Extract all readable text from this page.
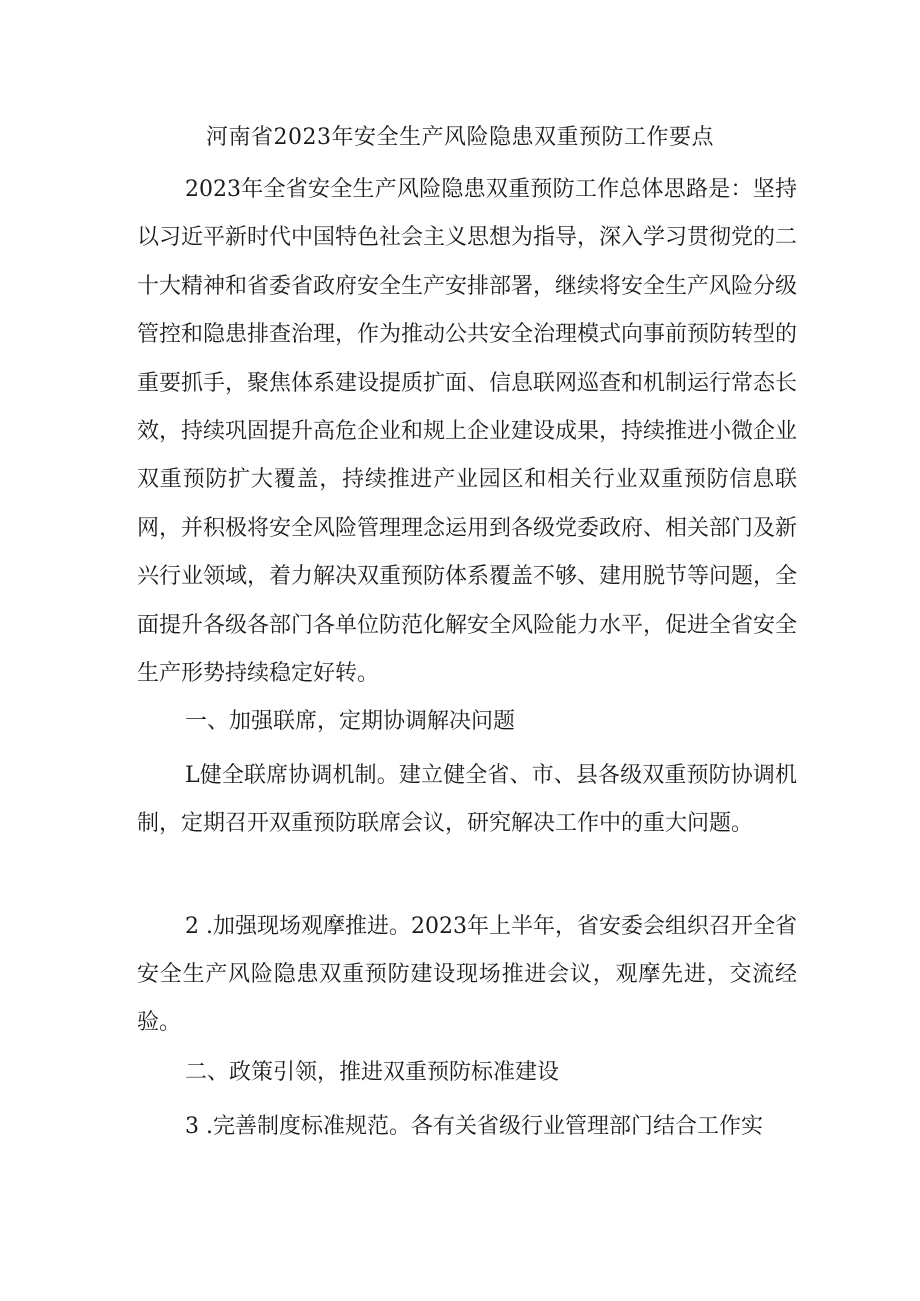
河南省2023年安全生产风险隐患双重预防工作要点
2023年全省安全生产风险隐患双重预防工作总体思路是：坚持以习近平新时代中国特色社会主义思想为指导，深入学习贯彻党的二十大精神和省委省政府安全生产安排部署，继续将安全生产风险分级管控和隐患排查治理，作为推动公共安全治理模式向事前预防转型的重要抓手，聚焦体系建设提质扩面、信息联网巡查和机制运行常态长效，持续巩固提升高危企业和规上企业建设成果，持续推进小微企业双重预防扩大覆盖，持续推进产业园区和相关行业双重预防信息联网，并积极将安全风险管理理念运用到各级党委政府、相关部门及新兴行业领域，着力解决双重预防体系覆盖不够、建用脱节等问题，全面提升各级各部门各单位防范化解安全风险能力水平，促进全省安全生产形势持续稳定好转。
一、加强联席，定期协调解决问题
L健全联席协调机制。建立健全省、市、县各级双重预防协调机制，定期召开双重预防联席会议，研究解决工作中的重大问题。
2 .加强现场观摩推进。2023年上半年，省安委会组织召开全省安全生产风险隐患双重预防建设现场推进会议，观摩先进，交流经验。
二、政策引领，推进双重预防标准建设
3 .完善制度标准规范。各有关省级行业管理部门结合工作实
